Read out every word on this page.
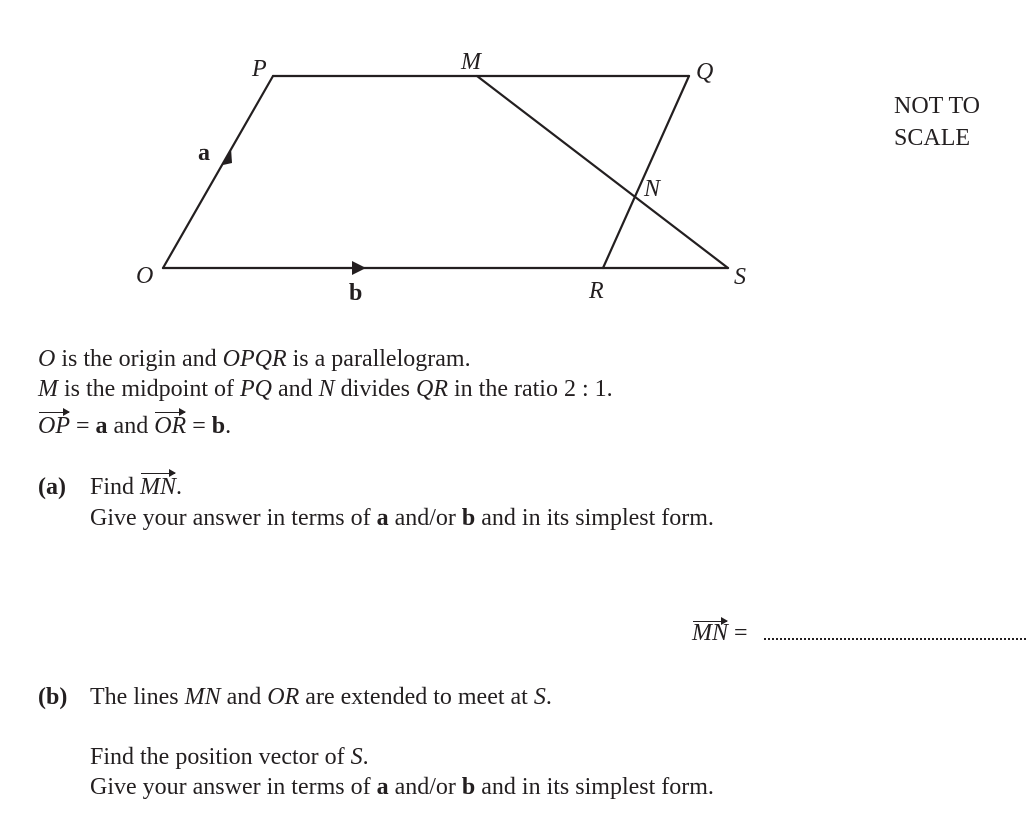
O
P	M	Q
N
R
S
a
b
NOT TO
SCALE
O is the origin and OPQR is a parallelogram.
M is the midpoint of PQ and N divides QR in the ratio 2 : 1.
OP = a and OR = b.
(a) Find MN.
Give your answer in terms of a and/or b and in its simplest form.
MN =
(b) The lines MN and OR are extended to meet at S.
Find the position vector of S.
Give your answer in terms of a and/or b and in its simplest form.
